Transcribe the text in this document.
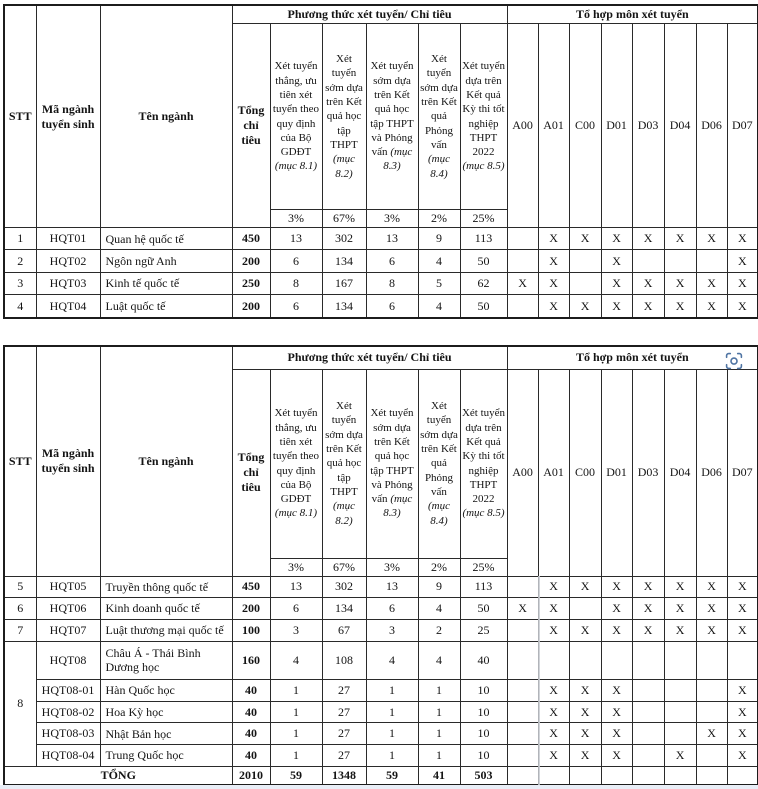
STT	Mã ngành tuyển sinh	Tên ngành	Phương thức xét tuyển/ Chỉ tiêu						Tổ hợp môn xét tuyển							
			Tổng chỉ tiêu	Xét tuyển thẳng, ưu tiên xét tuyển theo quy định của Bộ GDĐT (mục 8.1)	Xét tuyển sớm dựa trên Kết quả học tập THPT (mục 8.2)	Xét tuyển sớm dựa trên Kết quả học tập THPT và Phỏng vấn (mục 8.3)	Xét tuyển sớm dựa trên Kết quả Phỏng vấn (mục 8.4)	Xét tuyển dựa trên Kết quả Kỳ thi tốt nghiệp THPT 2022 (mục 8.5)	A00	A01	C00	D01	D03	D04	D06	D07
				3%	67%	3%	2%	25%								
1	HQT01	Quan hệ quốc tế	450	13	302	13	9	113		X	X	X	X	X	X	X
2	HQT02	Ngôn ngữ Anh	200	6	134	6	4	50		X		X				X
3	HQT03	Kinh tế quốc tế	250	8	167	8	5	62	X	X		X	X	X	X	X
4	HQT04	Luật quốc tế	200	6	134	6	4	50		X	X	X	X	X	X	X
STT	Mã ngành tuyển sinh	Tên ngành	Phương thức xét tuyển/ Chỉ tiêu						Tổ hợp môn xét tuyển							
			Tổng chỉ tiêu	Xét tuyển thẳng, ưu tiên xét tuyển theo quy định của Bộ GDĐT (mục 8.1)	Xét tuyển sớm dựa trên Kết quả học tập THPT (mục 8.2)	Xét tuyển sớm dựa trên Kết quả học tập THPT và Phỏng vấn (mục 8.3)	Xét tuyển sớm dựa trên Kết quả Phỏng vấn (mục 8.4)	Xét tuyển dựa trên Kết quả Kỳ thi tốt nghiệp THPT 2022 (mục 8.5)	A00	A01	C00	D01	D03	D04	D06	D07
				3%	67%	3%	2%	25%								
5	HQT05	Truyền thông quốc tế	450	13	302	13	9	113		X	X	X	X	X	X	X
6	HQT06	Kinh doanh quốc tế	200	6	134	6	4	50	X	X		X	X	X	X	X
7	HQT07	Luật thương mại quốc tế	100	3	67	3	2	25		X	X	X	X	X	X	X
8	HQT08	Châu Á - Thái Bình Dương học	160	4	108	4	4	40								
	HQT08-01	Hàn Quốc học	40	1	27	1	1	10		X	X	X				X
	HQT08-02	Hoa Kỳ học	40	1	27	1	1	10		X	X	X				X
	HQT08-03	Nhật Bản học	40	1	27	1	1	10		X	X	X			X	X
	HQT08-04	Trung Quốc học	40	1	27	1	1	10		X	X	X		X		X
TỔNG			2010	59	1348	59	41	503								
